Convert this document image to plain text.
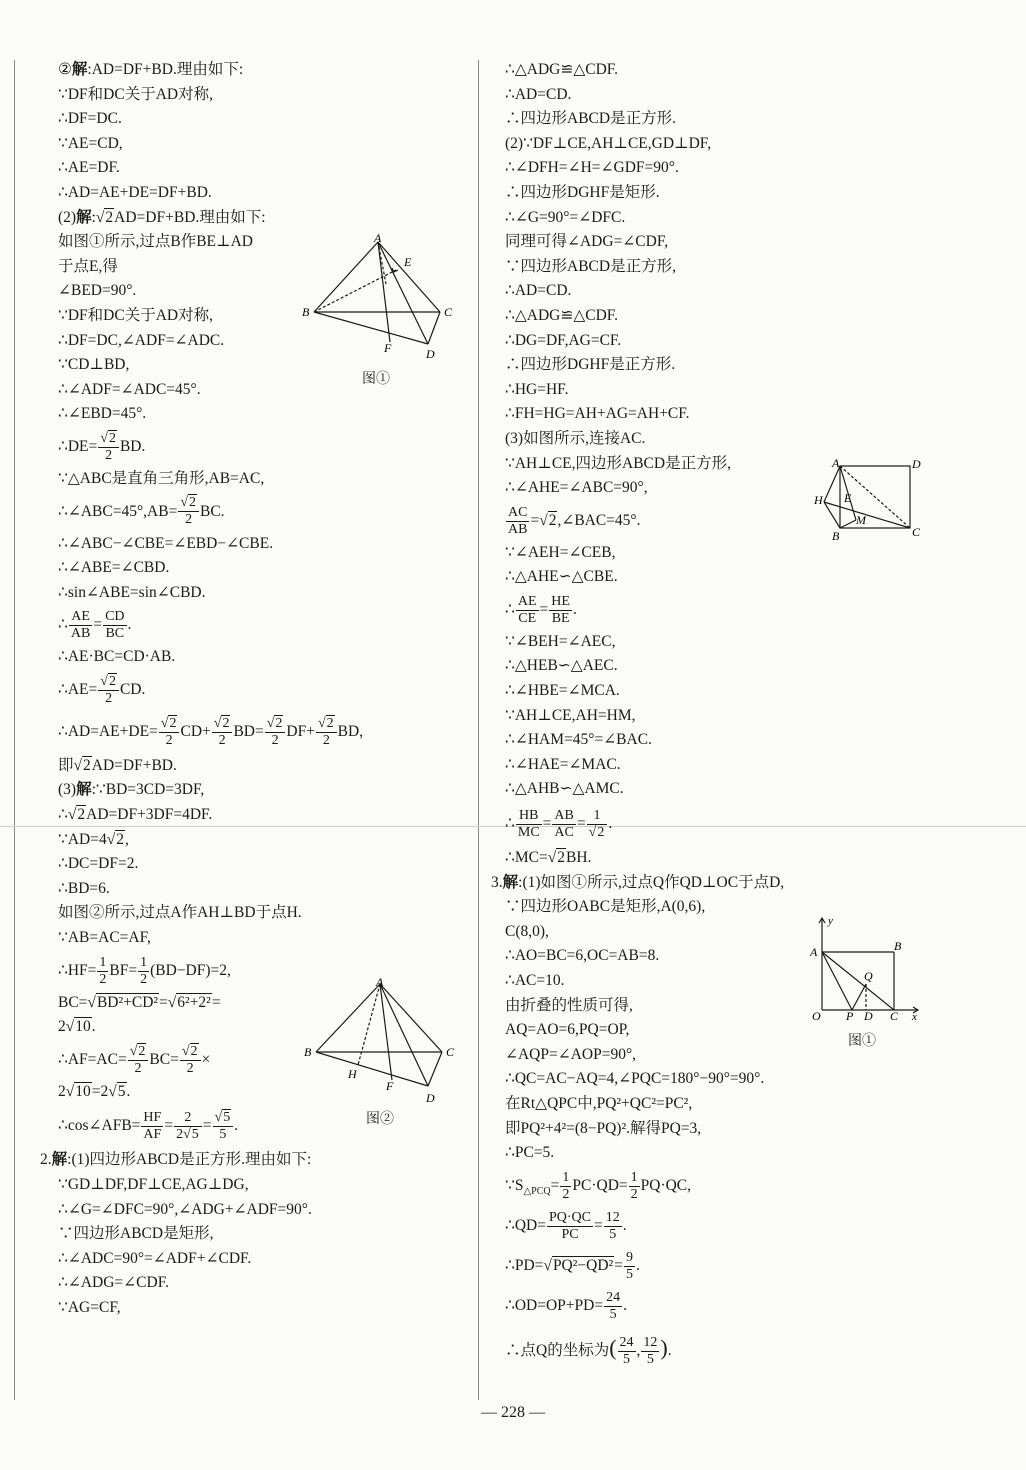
②解:AD=DF+BD.理由如下:
∵DF和DC关于AD对称,
∴DF=DC.
∵AE=CD,
∴AE=DF.
∴AD=AE+DE=DF+BD.
(2)解:√2AD=DF+BD.理由如下:
如图①所示,过点B作BE⊥AD
于点E,得
∠BED=90°.
∵DF和DC关于AD对称,
∴DF=DC,∠ADF=∠ADC.
∵CD⊥BD,
∴∠ADF=∠ADC=45°.
∴∠EBD=45°.
∴DE= $\frac{√2}{2}$ BD.
∵△ABC是直角三角形,AB=AC,
∴∠ABC=45°,AB= $\frac{√2}{2}$ BC.
∴∠ABC−∠CBE=∠EBD−∠CBE.
∴∠ABE=∠CBD.
∴sin∠ABE=sin∠CBD.
∴ $\frac{AE}{AB} = \frac{CD}{BC}$ .
∴AE·BC=CD·AB.
∴AE= $\frac{√2}{2}$ CD.
∴AD=AE+DE= $\frac{√2}{2} CD+ \frac{√2}{2} BD= \frac{√2}{2} DF+ \frac{√2}{2}$ BD,
即√2AD=DF+BD.
(3)解:∵BD=3CD=3DF,
∴√2AD=DF+3DF=4DF.
∵AD=4√2,
∴DC=DF=2.
∴BD=6.
如图②所示,过点A作AH⊥BD于点H.
∵AB=AC=AF,
∴HF= $\frac{1}{2} BF= \frac{1}{2} (BD-DF)=2$,
BC=√BD²+CD²=√6²+2²=
2√10.
∴AF=AC= $\frac{√2}{2} BC= \frac{√2}{2}$ ×
2√10=2√5.
∴cos∠AFB= $\frac{HF}{AF} = \frac{2}{2√5} = \frac{√5}{5}$ .
2.解:(1)四边形ABCD是正方形.理由如下:
∵GD⊥DF,DF⊥CE,AG⊥DG,
∴∠G=∠DFC=90°,∠ADG+∠ADF=90°.
∵四边形ABCD是矩形,
∴∠ADC=90°=∠ADF+∠CDF.
∴∠ADG=∠CDF.
∵AG=CF,
∴△ADG≌△CDF.
∴AD=CD.
∴四边形ABCD是正方形.
(2)∵DF⊥CE,AH⊥CE,GD⊥DF,
∴∠DFH=∠H=∠GDF=90°.
∴四边形DGHF是矩形.
∴∠G=90°=∠DFC.
同理可得∠ADG=∠CDF,
∵四边形ABCD是正方形,
∴AD=CD.
∴△ADG≌△CDF.
∴DG=DF,AG=CF.
∴四边形DGHF是正方形.
∴HG=HF.
∴FH=HG=AH+AG=AH+CF.
(3)如图所示,连接AC.
∵AH⊥CE,四边形ABCD是正方形,
∴∠AHE=∠ABC=90°,
$\frac{AC}{AB}$ =√2,∠BAC=45°.
∵∠AEH=∠CEB,
∴△AHE∽△CBE.
∴ $\frac{AE}{CE} = \frac{HE}{BE}$ .
∵∠BEH=∠AEC,
∴△HEB∽△AEC.
∴∠HBE=∠MCA.
∵AH⊥CE,AH=HM,
∴∠HAM=45°=∠BAC.
∴∠HAE=∠MAC.
∴△AHB∽△AMC.
∴ $\frac{HB}{MC} = \frac{AB}{AC} = \frac{1}{√2}$ .
∴MC=√2BH.
3.解:(1)如图①所示,过点Q作QD⊥OC于点D,
∵四边形OABC是矩形,A(0,6),
C(8,0),
∴AO=BC=6,OC=AB=8.
∴AC=10.
由折叠的性质可得,
AQ=AO=6,PQ=OP,
∠AQP=∠AOP=90°,
∴QC=AC−AQ=4,∠PQC=180°−90°=90°.
在Rt△QPC中,PQ²+QC²=PC²,
即PQ²+4²=(8−PQ)².解得PQ=3,
∴PC=5.
$\because S_{\triangle PCQ}= \frac{1}{2} PC\cdot QD= \frac{1}{2} PQ\cdot QC$,
∴QD= $\frac{PQ\cdot QC}{PC} = \frac{12}{5}$ .
∴PD=√PQ²−QD²= $\frac{9}{5}$ .
∴OD=OP+PD= $\frac{24}{5}$ .
∴点Q的坐标为( $\frac{24}{5}$ , $\frac{12}{5}$ ).
A
E
B	C
F	D
图①
A
B	C
H
F
D
图②
A	D
H E
M
B	C
y
A	B
Q
O P D C x
图①
— 228 —
